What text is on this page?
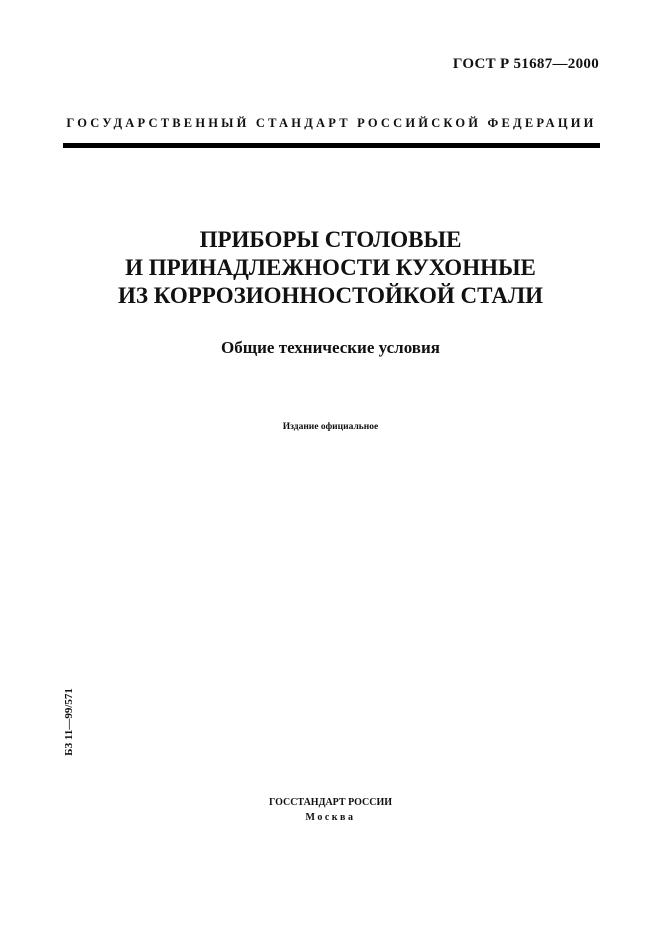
ГОСТ Р 51687—2000
ГОСУДАРСТВЕННЫЙ СТАНДАРТ РОССИЙСКОЙ ФЕДЕРАЦИИ
ПРИБОРЫ СТОЛОВЫЕ
И ПРИНАДЛЕЖНОСТИ КУХОННЫЕ
ИЗ КОРРОЗИОННОСТОЙКОЙ СТАЛИ
Общие технические условия
Издание официальное
БЗ 11—99/571
ГОССТАНДАРТ РОССИИ
Москва
